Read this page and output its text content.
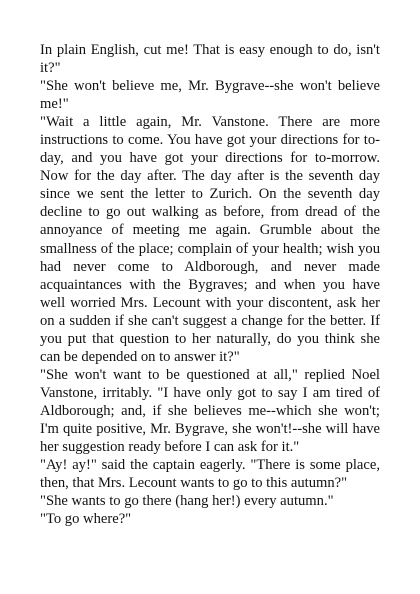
In plain English, cut me! That is easy enough to do, isn't it?"

"She won't believe me, Mr. Bygrave--she won't believe me!"

"Wait a little again, Mr. Vanstone. There are more instructions to come. You have got your directions for to-day, and you have got your directions for to-morrow. Now for the day after. The day after is the seventh day since we sent the letter to Zurich. On the seventh day decline to go out walking as before, from dread of the annoyance of meeting me again. Grumble about the smallness of the place; complain of your health; wish you had never come to Aldborough, and never made acquaintances with the Bygraves; and when you have well worried Mrs. Lecount with your discontent, ask her on a sudden if she can't suggest a change for the better. If you put that question to her naturally, do you think she can be depended on to answer it?"

"She won't want to be questioned at all," replied Noel Vanstone, irritably. "I have only got to say I am tired of Aldborough; and, if she believes me--which she won't; I'm quite positive, Mr. Bygrave, she won't!--she will have her suggestion ready before I can ask for it."

"Ay! ay!" said the captain eagerly. "There is some place, then, that Mrs. Lecount wants to go to this autumn?"

"She wants to go there (hang her!) every autumn."

"To go where?"
